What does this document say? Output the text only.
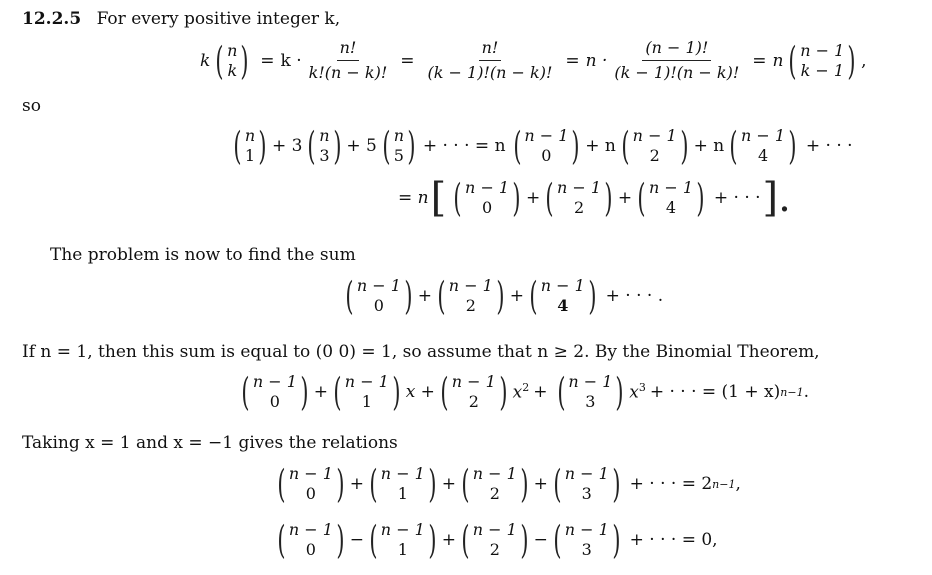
12.2.5 For every positive integer k,
k ( n
k ) = $k \cdot \frac{n!}{k!(n - k)!} = \frac{n!}{(k - 1)!(n - k)!} = n \cdot \frac{(n - 1)!}{(k - 1)!(n - k)!} = n$ ( n − 1
k − 1 ) ,
so
( n
1 ) + 3 ( n
3 ) + 5 ( n
5 ) + · · · = n ( n − 1
0 ) + n ( n − 1
2 ) + n ( n − 1
4 ) + · · ·
= n [ ( n − 1
0 ) + ( n − 1
2 ) + ( n − 1
4 ) + · · · ].
The problem is now to find the sum
( n − 1
0 ) + ( n − 1
2 ) + ( n − 1
4 ) + · · · .
If n = 1, then this sum is equal to (0 0) = 1, so assume that n ≥ 2. By the Binomial Theorem,
( n − 1
0 ) + ( n − 1
1 ) x + ( n − 1
2 ) $x^2$ + ( n − 1
3 ) $x^3$ + · · · = (1 + x) n−1 .
Taking x = 1 and x = −1 gives the relations
( n − 1
0 ) + ( n − 1
1 ) + ( n − 1
2 ) + ( n − 1
3 ) + · · · = 2 n−1 ,
( n − 1
0 ) − ( n − 1
1 ) + ( n − 1
2 ) − ( n − 1
3 ) + · · · = 0,
